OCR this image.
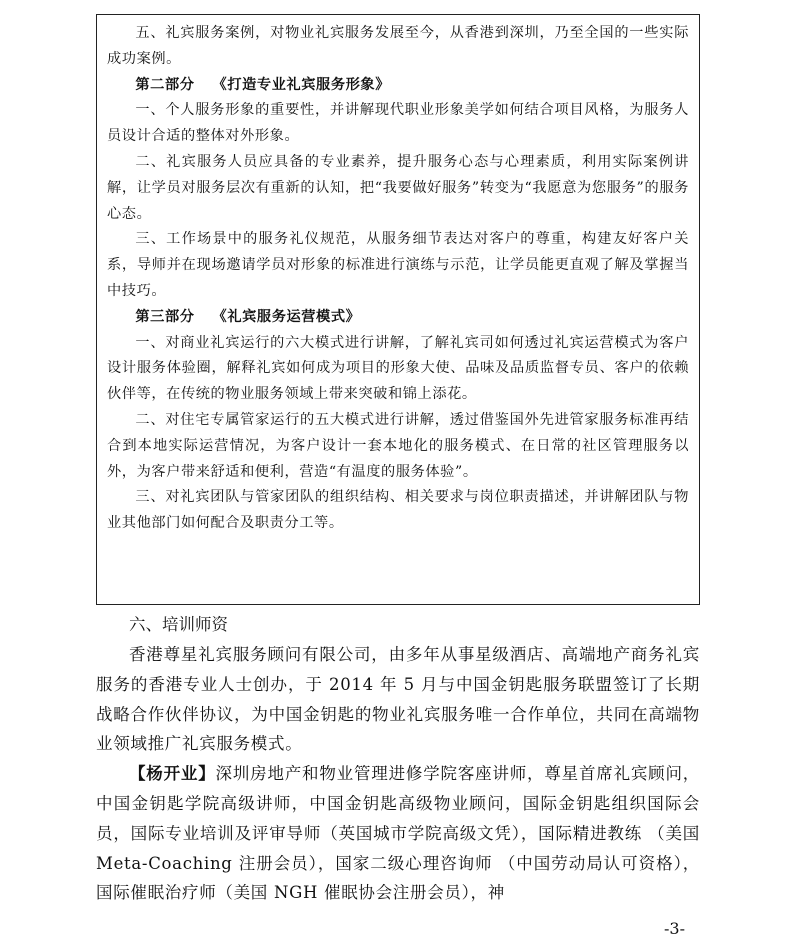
五、礼宾服务案例，对物业礼宾服务发展至今，从香港到深圳，乃至全国的一些实际成功案例。

第二部分 《打造专业礼宾服务形象》

一、个人服务形象的重要性，并讲解现代职业形象美学如何结合项目风格，为服务人员设计合适的整体对外形象。

二、礼宾服务人员应具备的专业素养，提升服务心态与心理素质，利用实际案例讲解，让学员对服务层次有重新的认知，把“我要做好服务”转变为“我愿意为您服务”的服务心态。

三、工作场景中的服务礼仪规范，从服务细节表达对客户的尊重，构建友好客户关系，导师并在现场邀请学员对形象的标准进行演练与示范，让学员能更直观了解及掌握当中技巧。

第三部分 《礼宾服务运营模式》

一、对商业礼宾运行的六大模式进行讲解，了解礼宾司如何透过礼宾运营模式为客户设计服务体验圈，解释礼宾如何成为项目的形象大使、品味及品质监督专员、客户的依赖伙伴等，在传统的物业服务领域上带来突破和锦上添花。

二、对住宅专属管家运行的五大模式进行讲解，透过借鉴国外先进管家服务标准再结合到本地实际运营情况，为客户设计一套本地化的服务模式、在日常的社区管理服务以外，为客户带来舒适和便利，营造“有温度的服务体验”。

三、对礼宾团队与管家团队的组织结构、相关要求与岗位职责描述，并讲解团队与物业其他部门如何配合及职责分工等。

六、培训师资

香港尊星礼宾服务顾问有限公司，由多年从事星级酒店、高端地产商务礼宾服务的香港专业人士创办，于 2014 年 5 月与中国金钥匙服务联盟签订了长期战略合作伙伴协议，为中国金钥匙的物业礼宾服务唯一合作单位，共同在高端物业领域推广礼宾服务模式。

【杨开业】深圳房地产和物业管理进修学院客座讲师，尊星首席礼宾顾问，中国金钥匙学院高级讲师，中国金钥匙高级物业顾问，国际金钥匙组织国际会员，国际专业培训及评审导师（英国城市学院高级文凭），国际精进教练 （美国 Meta-Coaching 注册会员），国家二级心理咨询师 （中国劳动局认可资格），国际催眠治疗师（美国 NGH 催眠协会注册会员），神

-3-
